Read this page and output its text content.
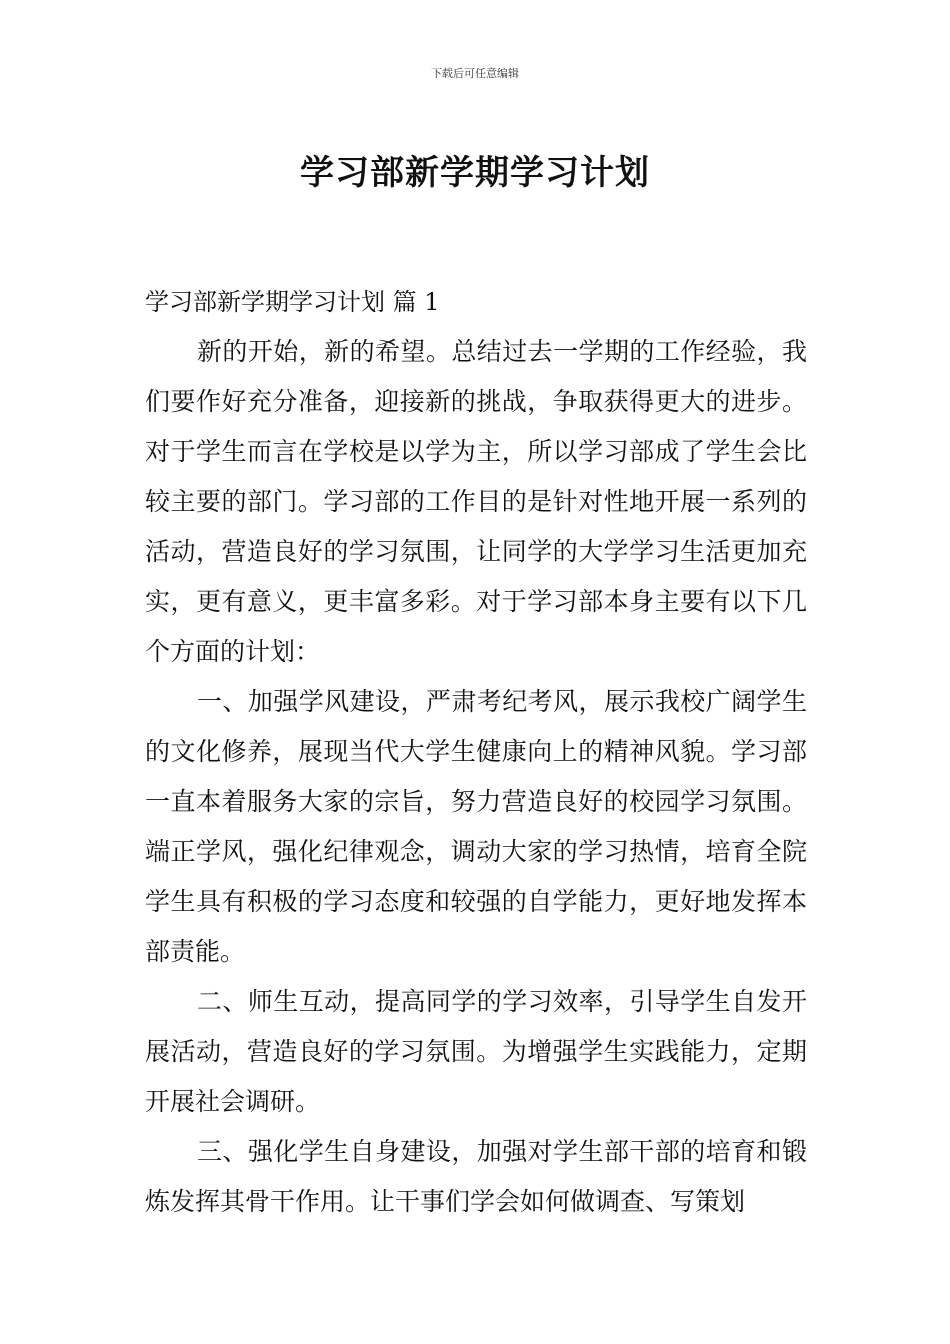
下载后可任意编辑
学习部新学期学习计划

学习部新学期学习计划 篇 1

新的开始，新的希望。总结过去一学期的工作经验，我们要作好充分准备，迎接新的挑战，争取获得更大的进步。对于学生而言在学校是以学为主，所以学习部成了学生会比较主要的部门。学习部的工作目的是针对性地开展一系列的活动，营造良好的学习氛围，让同学的大学学习生活更加充实，更有意义，更丰富多彩。对于学习部本身主要有以下几个方面的计划：

一、加强学风建设，严肃考纪考风，展示我校广阔学生的文化修养，展现当代大学生健康向上的精神风貌。学习部一直本着服务大家的宗旨，努力营造良好的校园学习氛围。端正学风，强化纪律观念，调动大家的学习热情，培育全院学生具有积极的学习态度和较强的自学能力，更好地发挥本部责能。

二、师生互动，提高同学的学习效率，引导学生自发开展活动，营造良好的学习氛围。为增强学生实践能力，定期开展社会调研。

三、强化学生自身建设，加强对学生部干部的培育和锻炼发挥其骨干作用。让干事们学会如何做调查、写策划
